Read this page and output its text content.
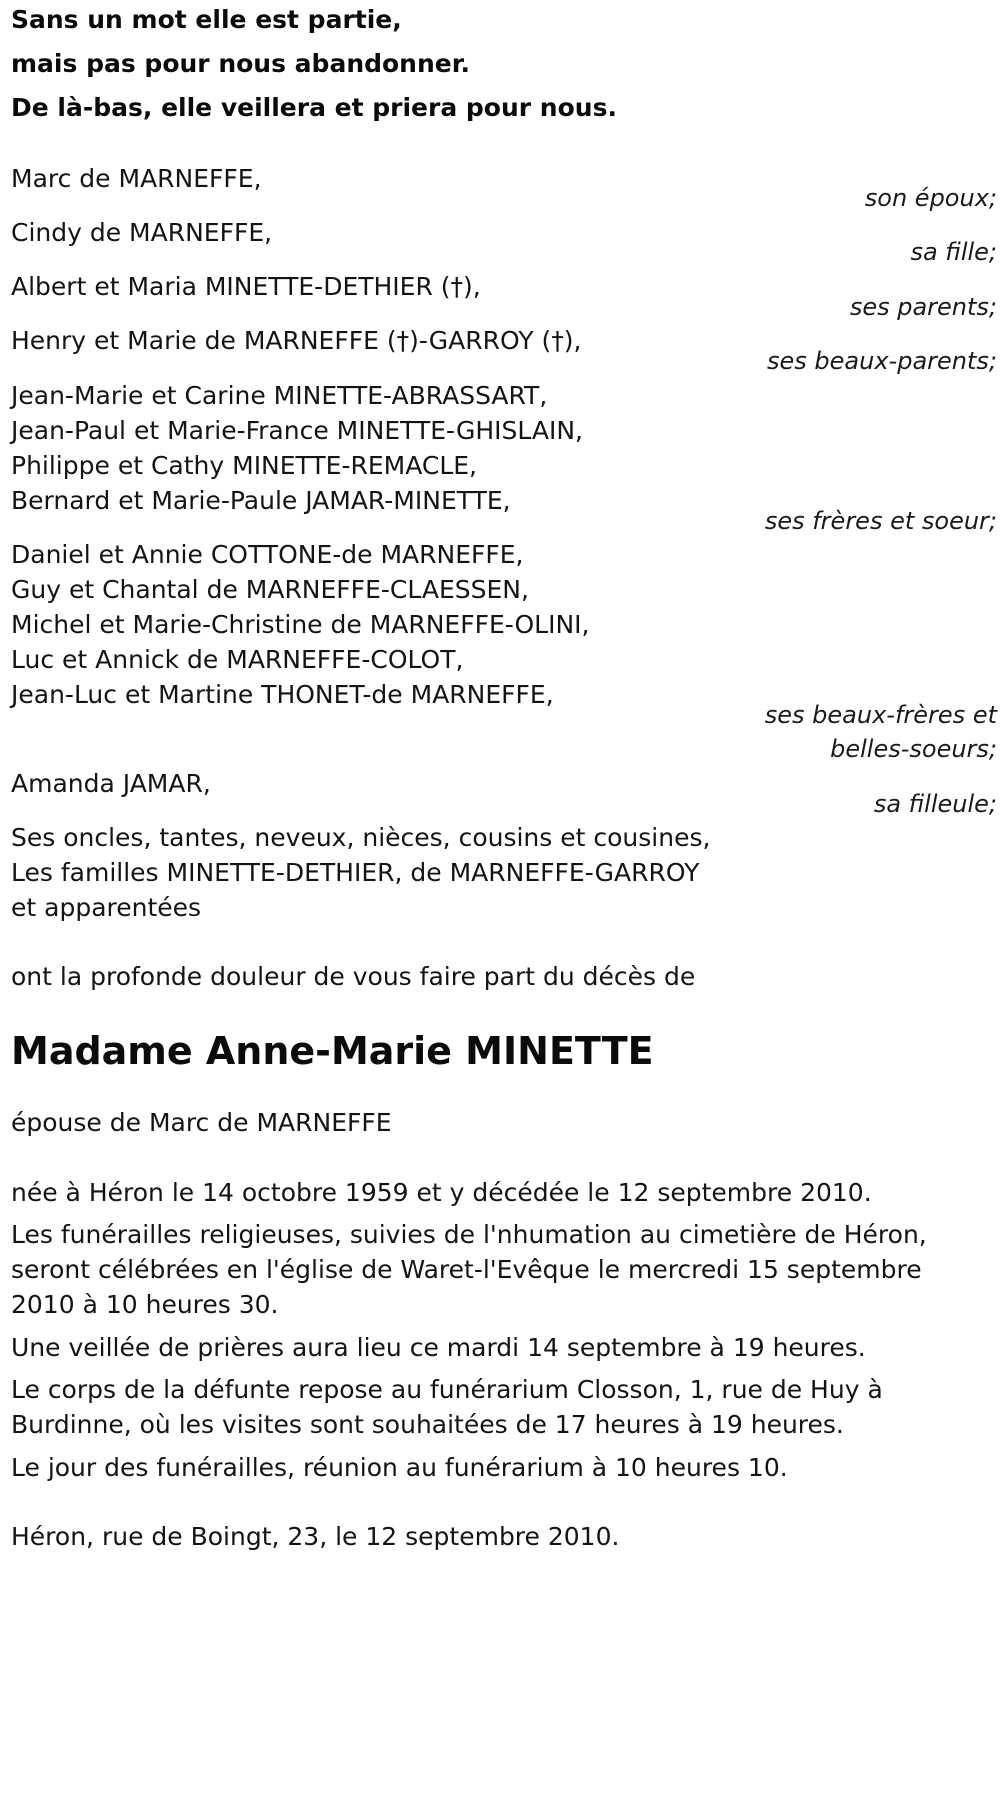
Sans un mot elle est partie,
mais pas pour nous abandonner.
De là-bas, elle veillera et priera pour nous.
Marc de MARNEFFE,
son époux;
Cindy de MARNEFFE,
sa fille;
Albert et Maria MINETTE-DETHIER (†),
ses parents;
Henry et Marie de MARNEFFE (†)-GARROY (†),
ses beaux-parents;
Jean-Marie et Carine MINETTE-ABRASSART,
Jean-Paul et Marie-France MINETTE-GHISLAIN,
Philippe et Cathy MINETTE-REMACLE,
Bernard et Marie-Paule JAMAR-MINETTE,
ses frères et soeur;
Daniel et Annie COTTONE-de MARNEFFE,
Guy et Chantal de MARNEFFE-CLAESSEN,
Michel et Marie-Christine de MARNEFFE-OLINI,
Luc et Annick de MARNEFFE-COLOT,
Jean-Luc et Martine THONET-de MARNEFFE,
ses beaux-frères et
belles-soeurs;
Amanda JAMAR,
sa filleule;
Ses oncles, tantes, neveux, nièces, cousins et cousines,
Les familles MINETTE-DETHIER, de MARNEFFE-GARROY
et apparentées
ont la profonde douleur de vous faire part du décès de
Madame Anne-Marie MINETTE
épouse de Marc de MARNEFFE
née à Héron le 14 octobre 1959 et y décédée le 12 septembre 2010.
Les funérailles religieuses, suivies de l'nhumation au cimetière de Héron,
seront célébrées en l'église de Waret-l'Evêque le mercredi 15 septembre
2010 à 10 heures 30.
Une veillée de prières aura lieu ce mardi 14 septembre à 19 heures.
Le corps de la défunte repose au funérarium Closson, 1, rue de Huy à
Burdinne, où les visites sont souhaitées de 17 heures à 19 heures.
Le jour des funérailles, réunion au funérarium à 10 heures 10.
Héron, rue de Boingt, 23, le 12 septembre 2010.
